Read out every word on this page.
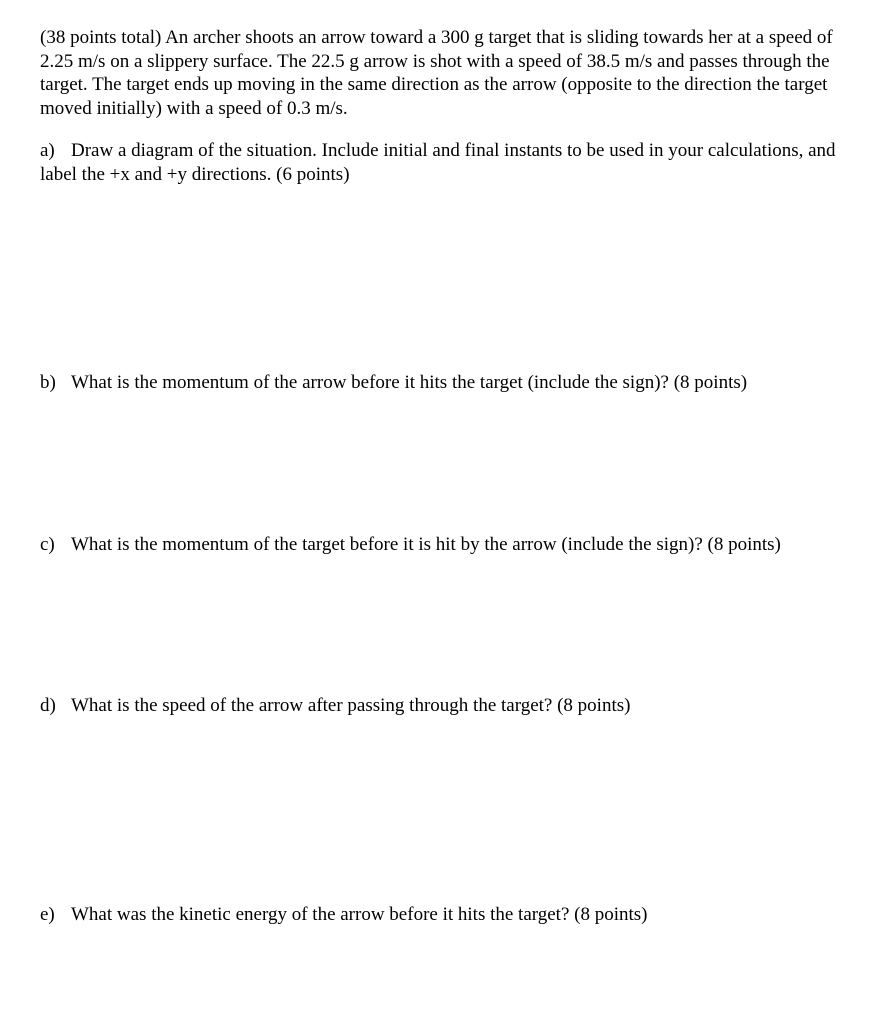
(38 points total) An archer shoots an arrow toward a 300 g target that is sliding towards her at a speed of 2.25 m/s on a slippery surface. The 22.5 g arrow is shot with a speed of 38.5 m/s and passes through the target. The target ends up moving in the same direction as the arrow (opposite to the direction the target moved initially) with a speed of 0.3 m/s.

a) Draw a diagram of the situation. Include initial and final instants to be used in your calculations, and label the +x and +y directions. (6 points)

b) What is the momentum of the arrow before it hits the target (include the sign)? (8 points)

c) What is the momentum of the target before it is hit by the arrow (include the sign)? (8 points)

d) What is the speed of the arrow after passing through the target? (8 points)

e) What was the kinetic energy of the arrow before it hits the target? (8 points)
